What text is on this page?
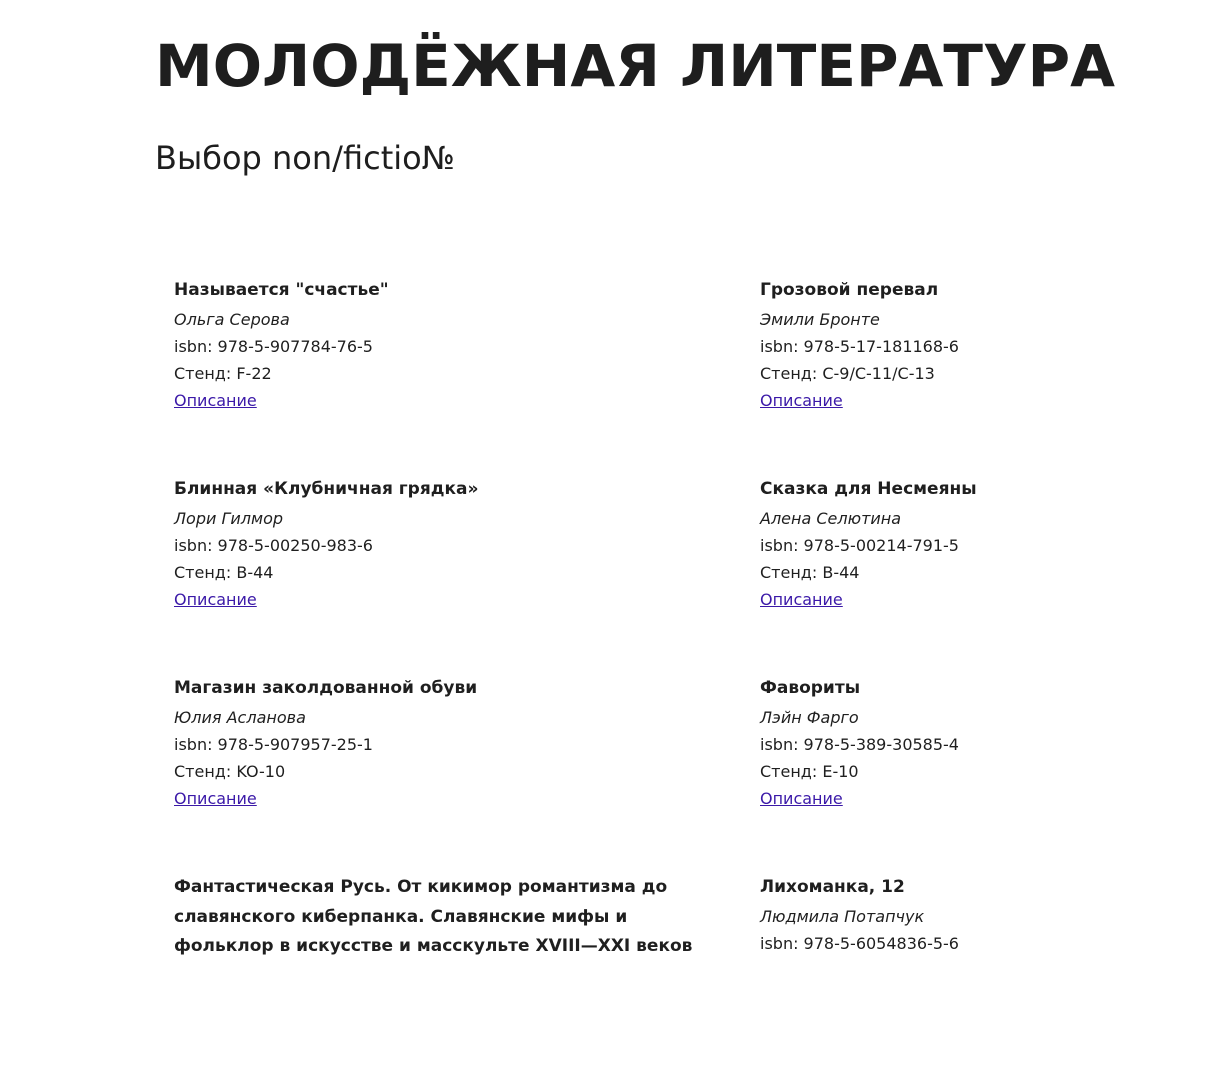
МОЛОДЁЖНАЯ ЛИТЕРАТУРА
Выбор non/fictio№
Называется "счастье"
Ольга Серова
isbn: 978-5-907784-76-5
Стенд: F-22
Описание
Грозовой перевал
Эмили Бронте
isbn: 978-5-17-181168-6
Стенд: C-9/C-11/C-13
Описание
Блинная «Клубничная грядка»
Лори Гилмор
isbn: 978-5-00250-983-6
Стенд: B-44
Описание
Сказка для Несмеяны
Алена Селютина
isbn: 978-5-00214-791-5
Стенд: B-44
Описание
Магазин заколдованной обуви
Юлия Асланова
isbn: 978-5-907957-25-1
Стенд: KO-10
Описание
Фавориты
Лэйн Фарго
isbn: 978-5-389-30585-4
Стенд: E-10
Описание
Фантастическая Русь. От кикимор романтизма до славянского киберпанка. Славянские мифы и фольклор в искусстве и масскульте XVIII—XXI веков
Лихоманка, 12
Людмила Потапчук
isbn: 978-5-6054836-5-6
